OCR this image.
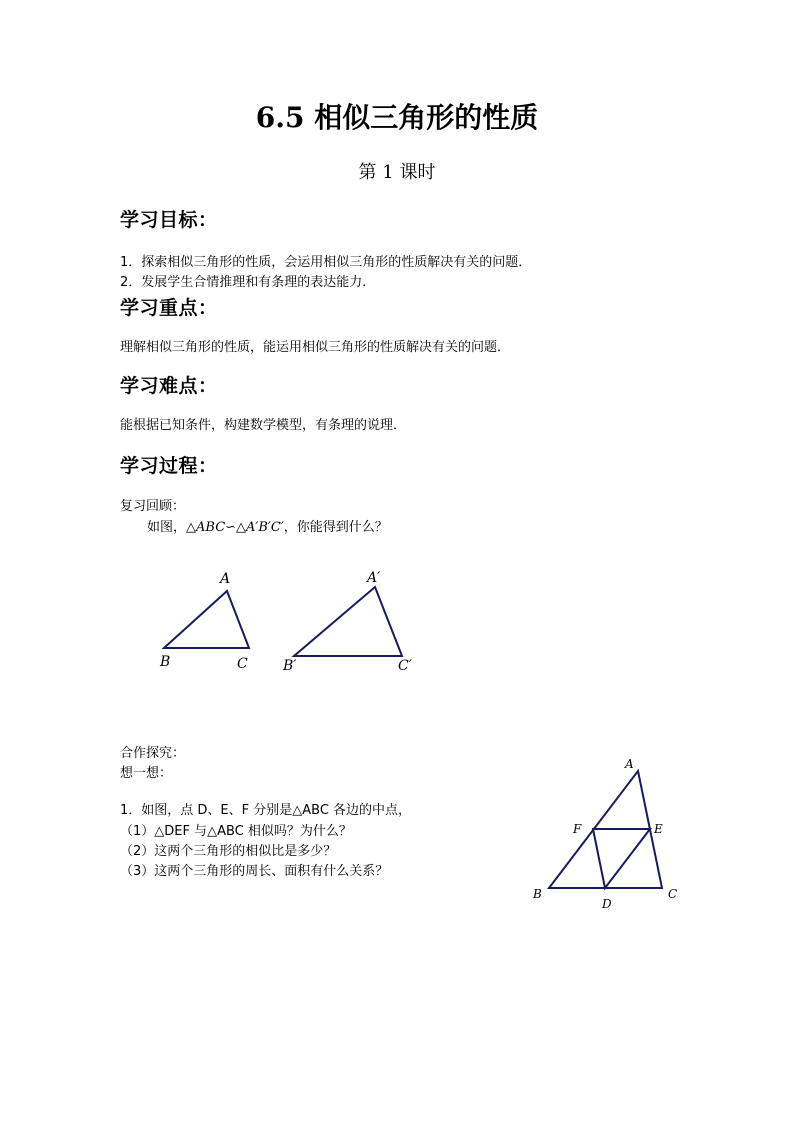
6.5 相似三角形的性质
第 1 课时
学习目标：
1．探索相似三角形的性质，会运用相似三角形的性质解决有关的问题．
2．发展学生合情推理和有条理的表达能力．
学习重点：
理解相似三角形的性质，能运用相似三角形的性质解决有关的问题．
学习难点：
能根据已知条件，构建数学模型，有条理的说理．
学习过程：
复习回顾：
如图，△ABC∽△A′B′C′，你能得到什么？
A
B	C
A′
B′	C′
合作探究：
想一想：
1．如图，点 D、E、F 分别是△ABC 各边的中点，
（1）△DEF 与△ABC 相似吗？为什么？
（2）这两个三角形的相似比是多少？
（3）这两个三角形的周长、面积有什么关系？
A
B	C
D
E
F
